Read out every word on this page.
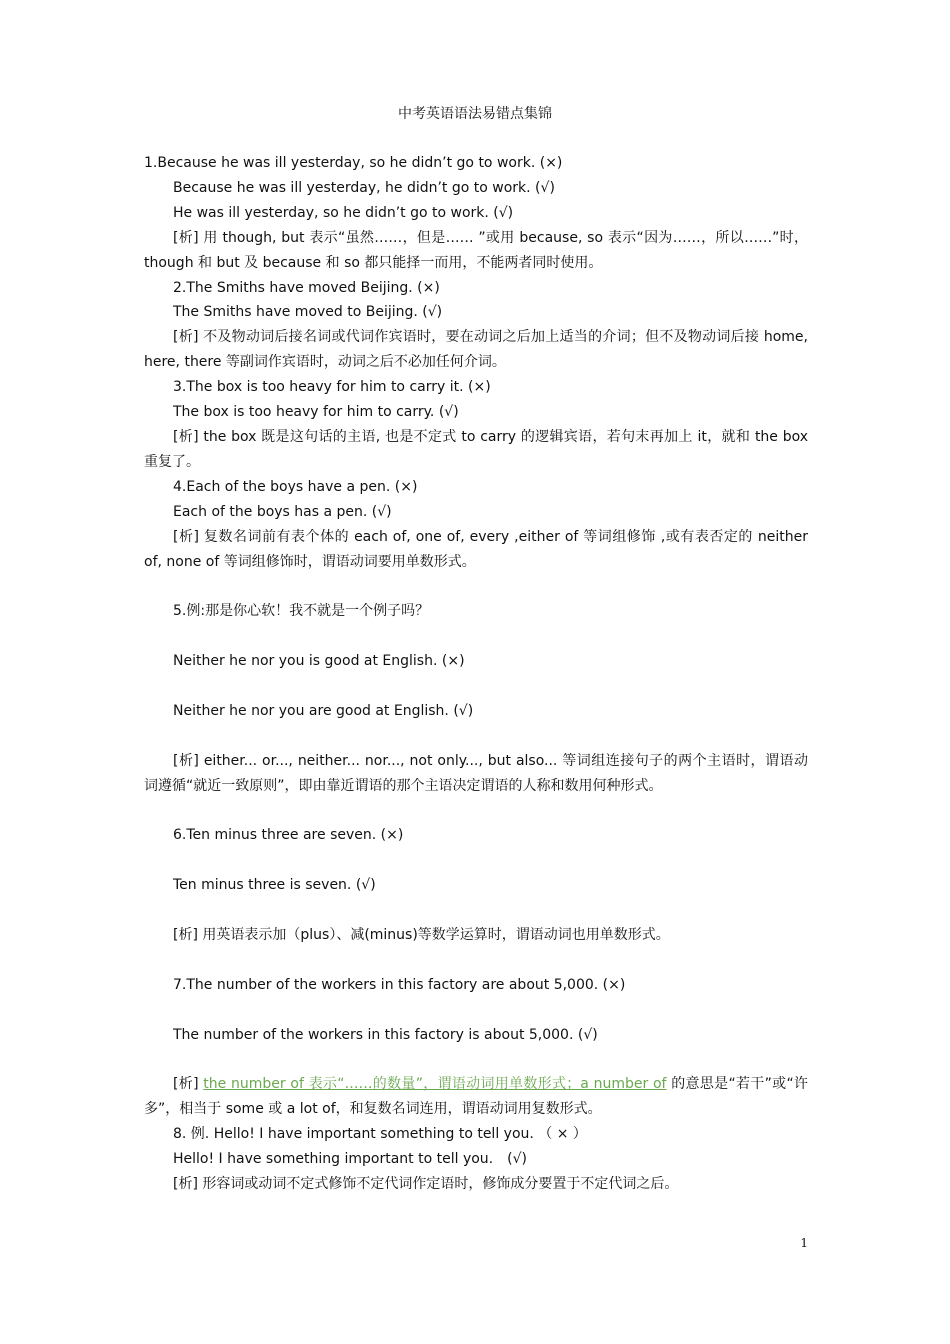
中考英语语法易错点集锦

1.Because he was ill yesterday, so he didn’t go to work. (×)

Because he was ill yesterday, he didn’t go to work. (√)

He was ill yesterday, so he didn’t go to work. (√)

[析] 用 though, but 表示“虽然……，但是…… ”或用 because, so 表示“因为……，所以……”时，though 和 but 及 because 和 so 都只能择一而用，不能两者同时使用。

2.The Smiths have moved Beijing. (×)

The Smiths have moved to Beijing. (√)

[析] 不及物动词后接名词或代词作宾语时，要在动词之后加上适当的介词；但不及物动词后接 home, here, there 等副词作宾语时，动词之后不必加任何介词。

3.The box is too heavy for him to carry it. (×)

The box is too heavy for him to carry. (√)

[析] the box 既是这句话的主语, 也是不定式 to carry 的逻辑宾语，若句末再加上 it，就和 the box 重复了。

4.Each of the boys have a pen. (×)

Each of the boys has a pen. (√)

[析] 复数名词前有表个体的 each of, one of, every ,either of 等词组修饰 ,或有表否定的 neither of, none of 等词组修饰时，谓语动词要用单数形式。

5.例:那是你心软！我不就是一个例子吗？

Neither he nor you is good at English. (×)

Neither he nor you are good at English. (√)

[析] either... or..., neither... nor..., not only..., but also... 等词组连接句子的两个主语时，谓语动词遵循“就近一致原则”，即由靠近谓语的那个主语决定谓语的人称和数用何种形式。

6.Ten minus three are seven. (×)

Ten minus three is seven. (√)

[析] 用英语表示加（plus）、减(minus)等数学运算时，谓语动词也用单数形式。

7.The number of the workers in this factory are about 5,000. (×)

The number of the workers in this factory is about 5,000. (√)

[析] the number of 表示“……的数量”，谓语动词用单数形式；a number of 的意思是“若干”或“许多”，相当于 some 或 a lot of，和复数名词连用，谓语动词用复数形式。

8. 例. Hello! I have important something to tell you. （ × ）

Hello! I have something important to tell you.　(√)

[析] 形容词或动词不定式修饰不定代词作定语时，修饰成分要置于不定代词之后。

1
